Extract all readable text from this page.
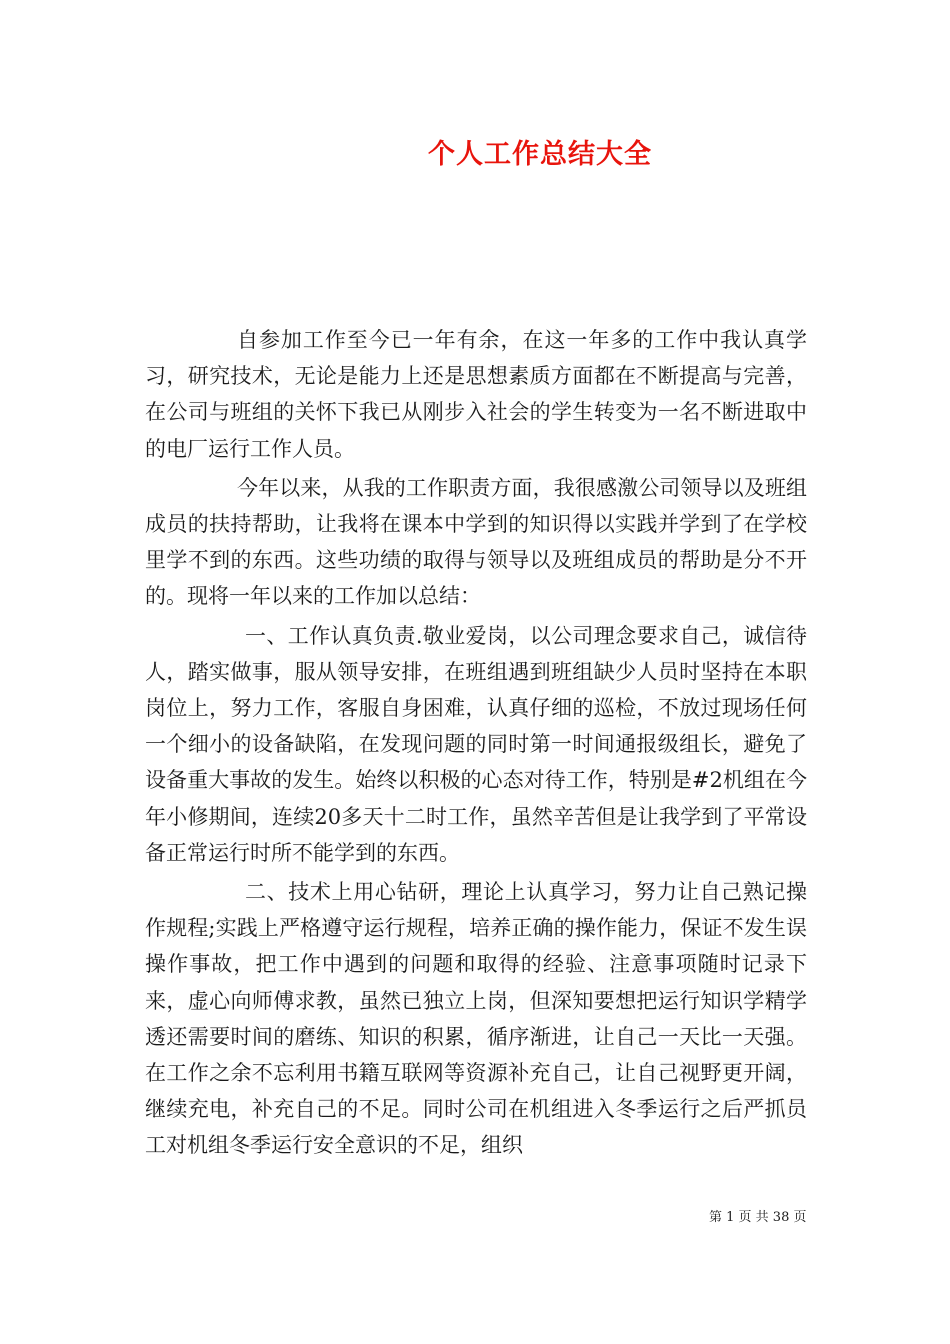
个人工作总结大全

自参加工作至今已一年有余，在这一年多的工作中我认真学习，研究技术，无论是能力上还是思想素质方面都在不断提高与完善，在公司与班组的关怀下我已从刚步入社会的学生转变为一名不断进取中的电厂运行工作人员。

今年以来，从我的工作职责方面，我很感激公司领导以及班组成员的扶持帮助，让我将在课本中学到的知识得以实践并学到了在学校里学不到的东西。这些功绩的取得与领导以及班组成员的帮助是分不开的。现将一年以来的工作加以总结：

一、工作认真负责.敬业爱岗，以公司理念要求自己，诚信待人，踏实做事，服从领导安排，在班组遇到班组缺少人员时坚持在本职岗位上，努力工作，客服自身困难，认真仔细的巡检，不放过现场任何一个细小的设备缺陷，在发现问题的同时第一时间通报级组长，避免了设备重大事故的发生。始终以积极的心态对待工作，特别是#2机组在今年小修期间，连续20多天十二时工作，虽然辛苦但是让我学到了平常设备正常运行时所不能学到的东西。

二、技术上用心钻研，理论上认真学习，努力让自己熟记操作规程;实践上严格遵守运行规程，培养正确的操作能力，保证不发生误操作事故，把工作中遇到的问题和取得的经验、注意事项随时记录下来，虚心向师傅求教，虽然已独立上岗，但深知要想把运行知识学精学透还需要时间的磨练、知识的积累，循序渐进，让自己一天比一天强。在工作之余不忘利用书籍互联网等资源补充自己，让自己视野更开阔，继续充电，补充自己的不足。同时公司在机组进入冬季运行之后严抓员工对机组冬季运行安全意识的不足，组织

第 1 页 共 38 页
